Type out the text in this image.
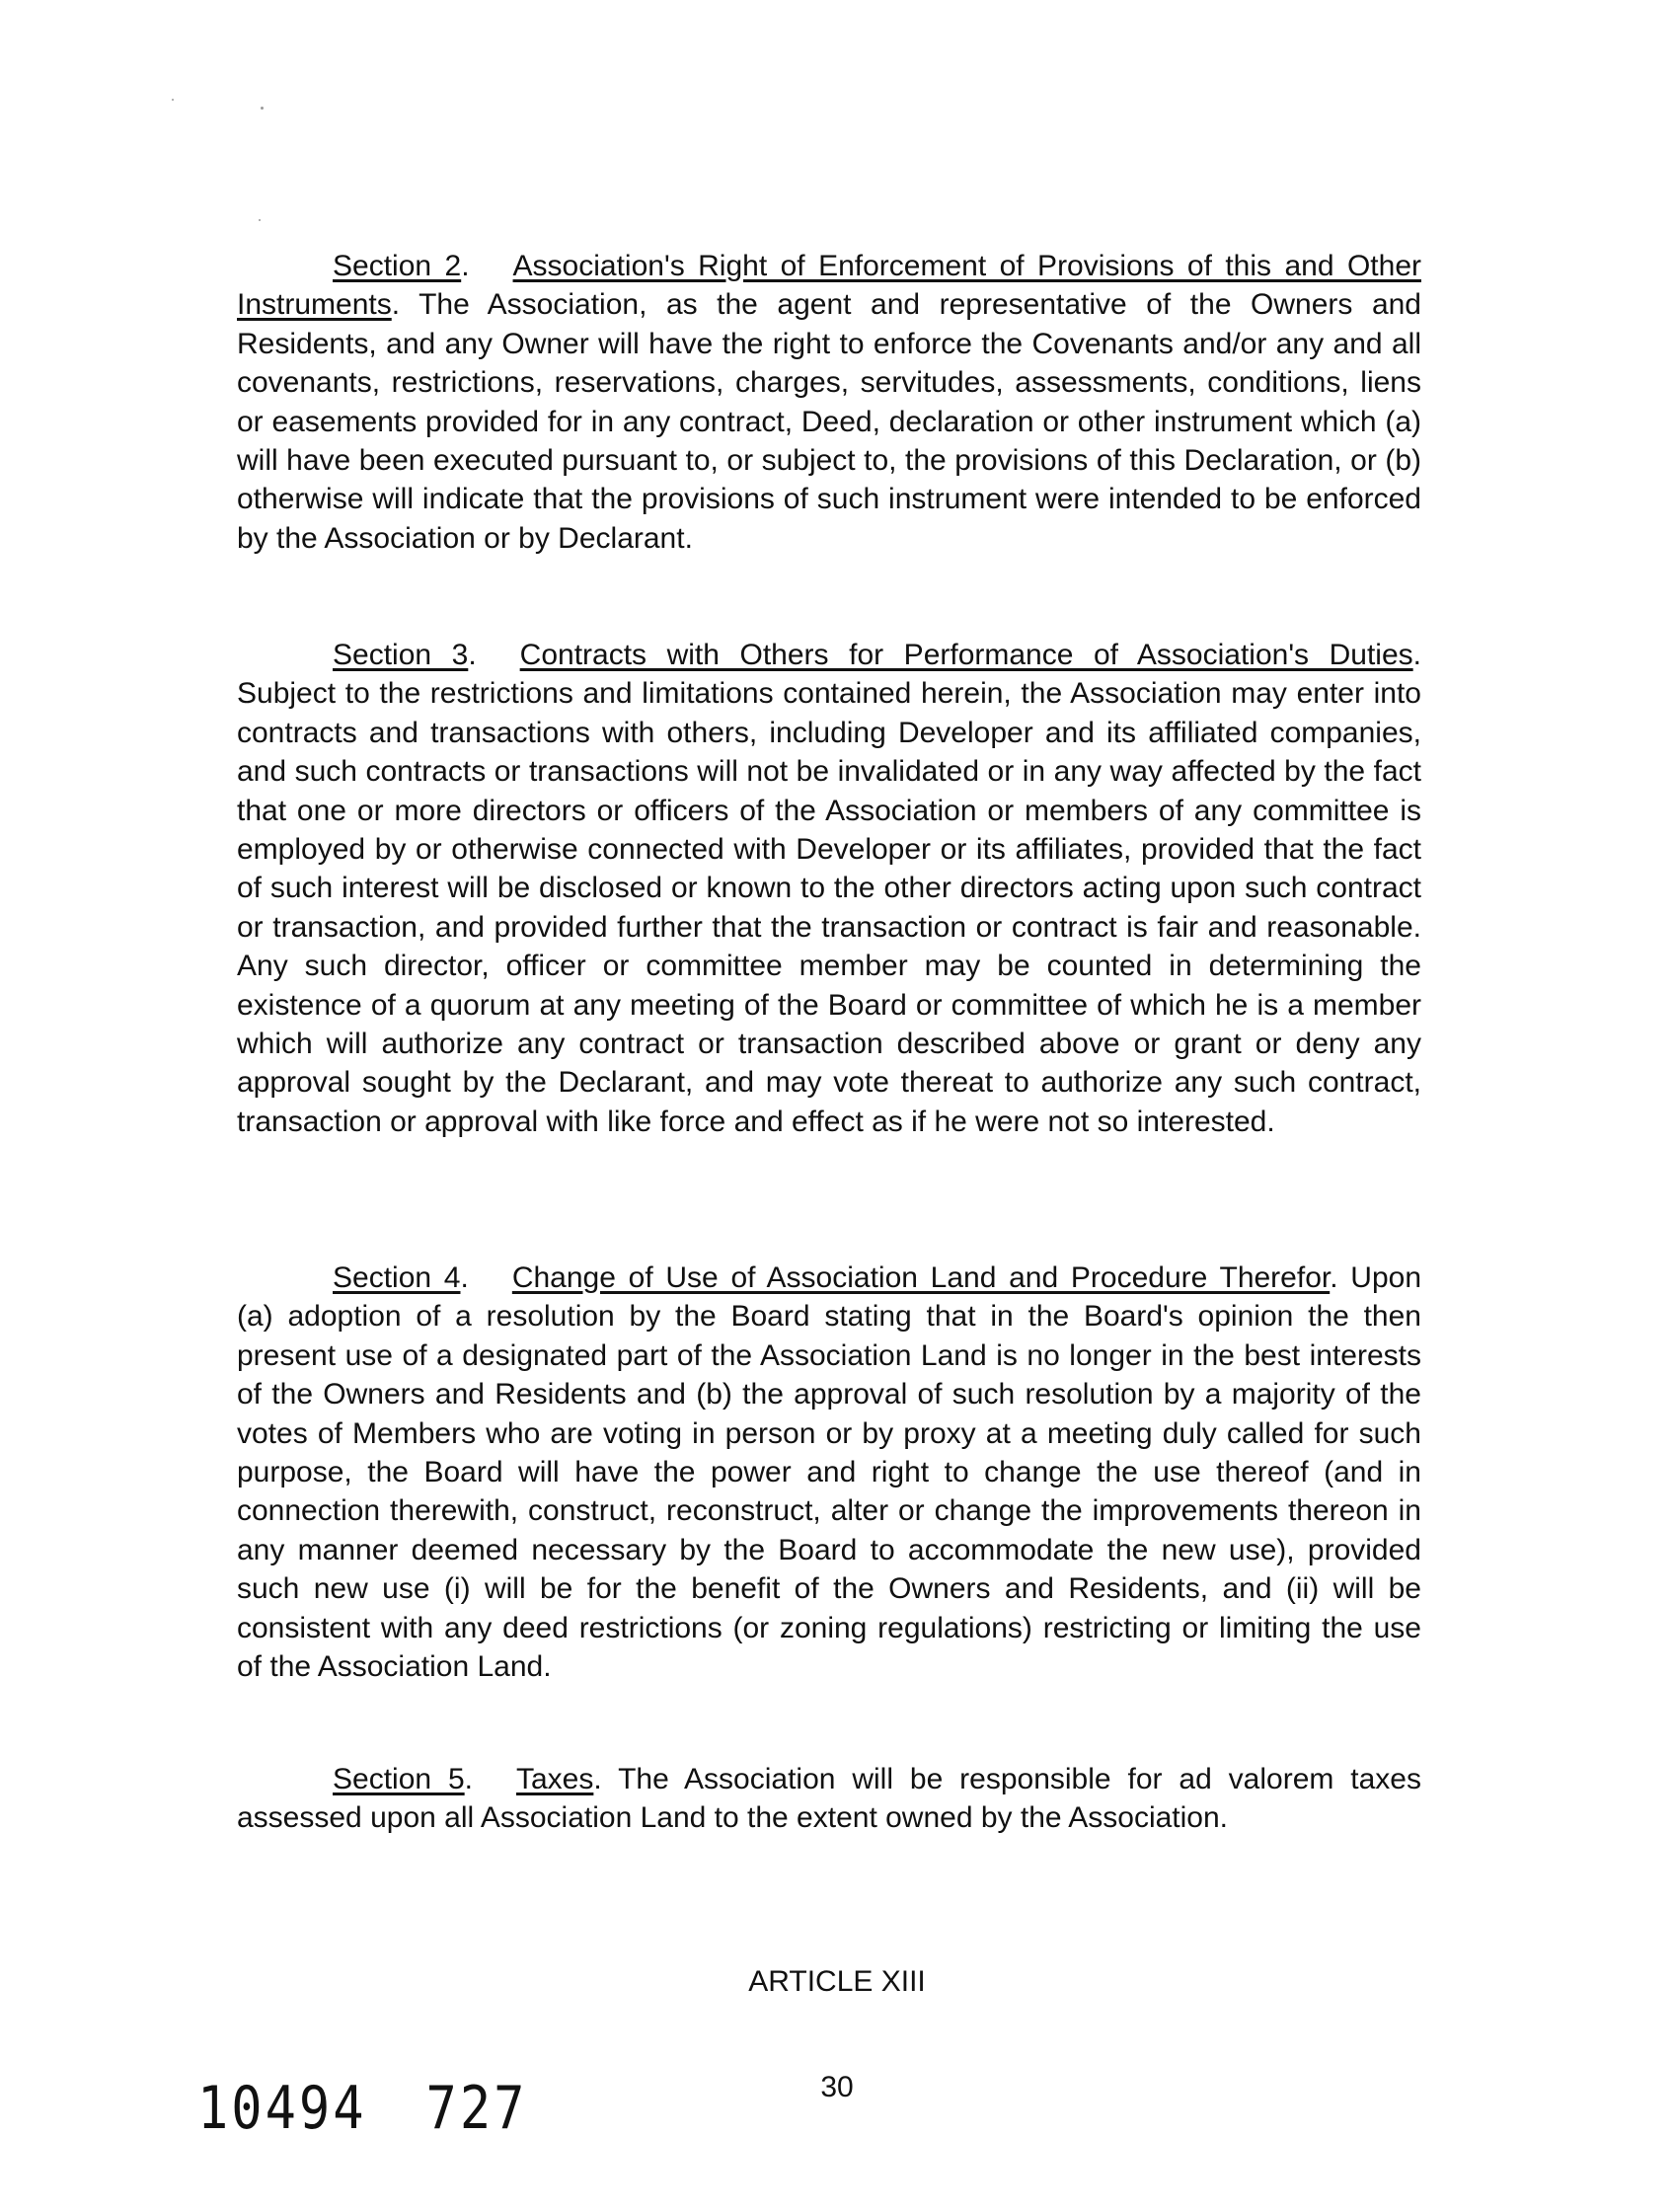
Section 2. Association's Right of Enforcement of Provisions of this and Other Instruments. The Association, as the agent and representative of the Owners and Residents, and any Owner will have the right to enforce the Covenants and/or any and all covenants, restrictions, reservations, charges, servitudes, assessments, conditions, liens or easements provided for in any contract, Deed, declaration or other instrument which (a) will have been executed pursuant to, or subject to, the provisions of this Declaration, or (b) otherwise will indicate that the provisions of such instrument were intended to be enforced by the Association or by Declarant.
Section 3. Contracts with Others for Performance of Association's Duties. Subject to the restrictions and limitations contained herein, the Association may enter into contracts and transactions with others, including Developer and its affiliated companies, and such contracts or transactions will not be invalidated or in any way affected by the fact that one or more directors or officers of the Association or members of any committee is employed by or otherwise connected with Developer or its affiliates, provided that the fact of such interest will be disclosed or known to the other directors acting upon such contract or transaction, and provided further that the transaction or contract is fair and reasonable. Any such director, officer or committee member may be counted in determining the existence of a quorum at any meeting of the Board or committee of which he is a member which will authorize any contract or transaction described above or grant or deny any approval sought by the Declarant, and may vote thereat to authorize any such contract, transaction or approval with like force and effect as if he were not so interested.
Section 4. Change of Use of Association Land and Procedure Therefor. Upon (a) adoption of a resolution by the Board stating that in the Board's opinion the then present use of a designated part of the Association Land is no longer in the best interests of the Owners and Residents and (b) the approval of such resolution by a majority of the votes of Members who are voting in person or by proxy at a meeting duly called for such purpose, the Board will have the power and right to change the use thereof (and in connection therewith, construct, reconstruct, alter or change the improvements thereon in any manner deemed necessary by the Board to accommodate the new use), provided such new use (i) will be for the benefit of the Owners and Residents, and (ii) will be consistent with any deed restrictions (or zoning regulations) restricting or limiting the use of the Association Land.
Section 5. Taxes. The Association will be responsible for ad valorem taxes assessed upon all Association Land to the extent owned by the Association.
ARTICLE XIII
30
10494 727
